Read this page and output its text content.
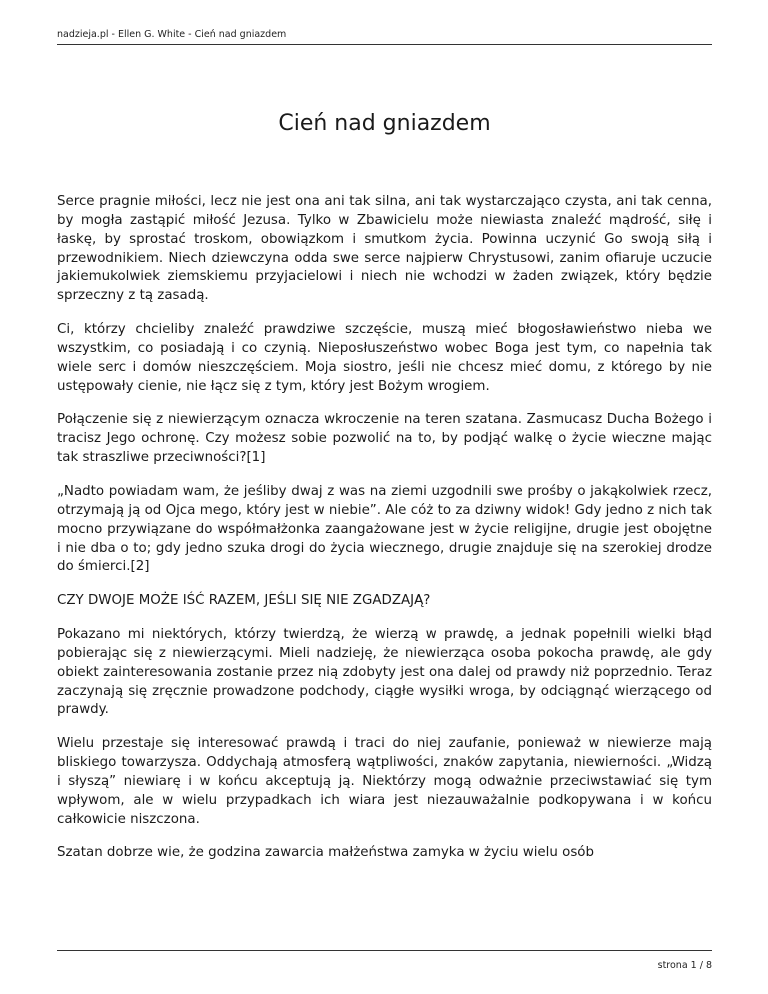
nadzieja.pl - Ellen G. White - Cień nad gniazdem
Cień nad gniazdem

Serce pragnie miłości, lecz nie jest ona ani tak silna, ani tak wystarczająco czysta, ani tak cenna, by mogła zastąpić miłość Jezusa. Tylko w Zbawicielu może niewiasta znaleźć mądrość, siłę i łaskę, by sprostać troskom, obowiązkom i smutkom życia. Powinna uczynić Go swoją siłą i przewodnikiem. Niech dziewczyna odda swe serce najpierw Chrystusowi, zanim ofiaruje uczucie jakiemukolwiek ziemskiemu przyjacielowi i niech nie wchodzi w żaden związek, który będzie sprzeczny z tą zasadą.

Ci, którzy chcieliby znaleźć prawdziwe szczęście, muszą mieć błogosławieństwo nieba we wszystkim, co posiadają i co czynią. Nieposłuszeństwo wobec Boga jest tym, co napełnia tak wiele serc i domów nieszczęściem. Moja siostro, jeśli nie chcesz mieć domu, z którego by nie ustępowały cienie, nie łącz się z tym, który jest Bożym wrogiem.

Połączenie się z niewierzącym oznacza wkroczenie na teren szatana. Zasmucasz Ducha Bożego i tracisz Jego ochronę. Czy możesz sobie pozwolić na to, by podjąć walkę o życie wieczne mając tak straszliwe przeciwności?[1]

„Nadto powiadam wam, że jeśliby dwaj z was na ziemi uzgodnili swe prośby o jakąkolwiek rzecz, otrzymają ją od Ojca mego, który jest w niebie”. Ale cóż to za dziwny widok! Gdy jedno z nich tak mocno przywiązane do współmałżonka zaangażowane jest w życie religijne, drugie jest obojętne i nie dba o to; gdy jedno szuka drogi do życia wiecznego, drugie znajduje się na szerokiej drodze do śmierci.[2]

CZY DWOJE MOŻE IŚĆ RAZEM, JEŚLI SIĘ NIE ZGADZAJĄ?

Pokazano mi niektórych, którzy twierdzą, że wierzą w prawdę, a jednak popełnili wielki błąd pobierając się z niewierzącymi. Mieli nadzieję, że niewierząca osoba pokocha prawdę, ale gdy obiekt zainteresowania zostanie przez nią zdobyty jest ona dalej od prawdy niż poprzednio. Teraz zaczynają się zręcznie prowadzone podchody, ciągłe wysiłki wroga, by odciągnąć wierzącego od prawdy.

Wielu przestaje się interesować prawdą i traci do niej zaufanie, ponieważ w niewierze mają bliskiego towarzysza. Oddychają atmosferą wątpliwości, znaków zapytania, niewierności. „Widzą i słyszą” niewiarę i w końcu akceptują ją. Niektórzy mogą odważnie przeciwstawiać się tym wpływom, ale w wielu przypadkach ich wiara jest niezauważalnie podkopywana i w końcu całkowicie niszczona.

Szatan dobrze wie, że godzina zawarcia małżeństwa zamyka w życiu wielu osób

strona 1 / 8
